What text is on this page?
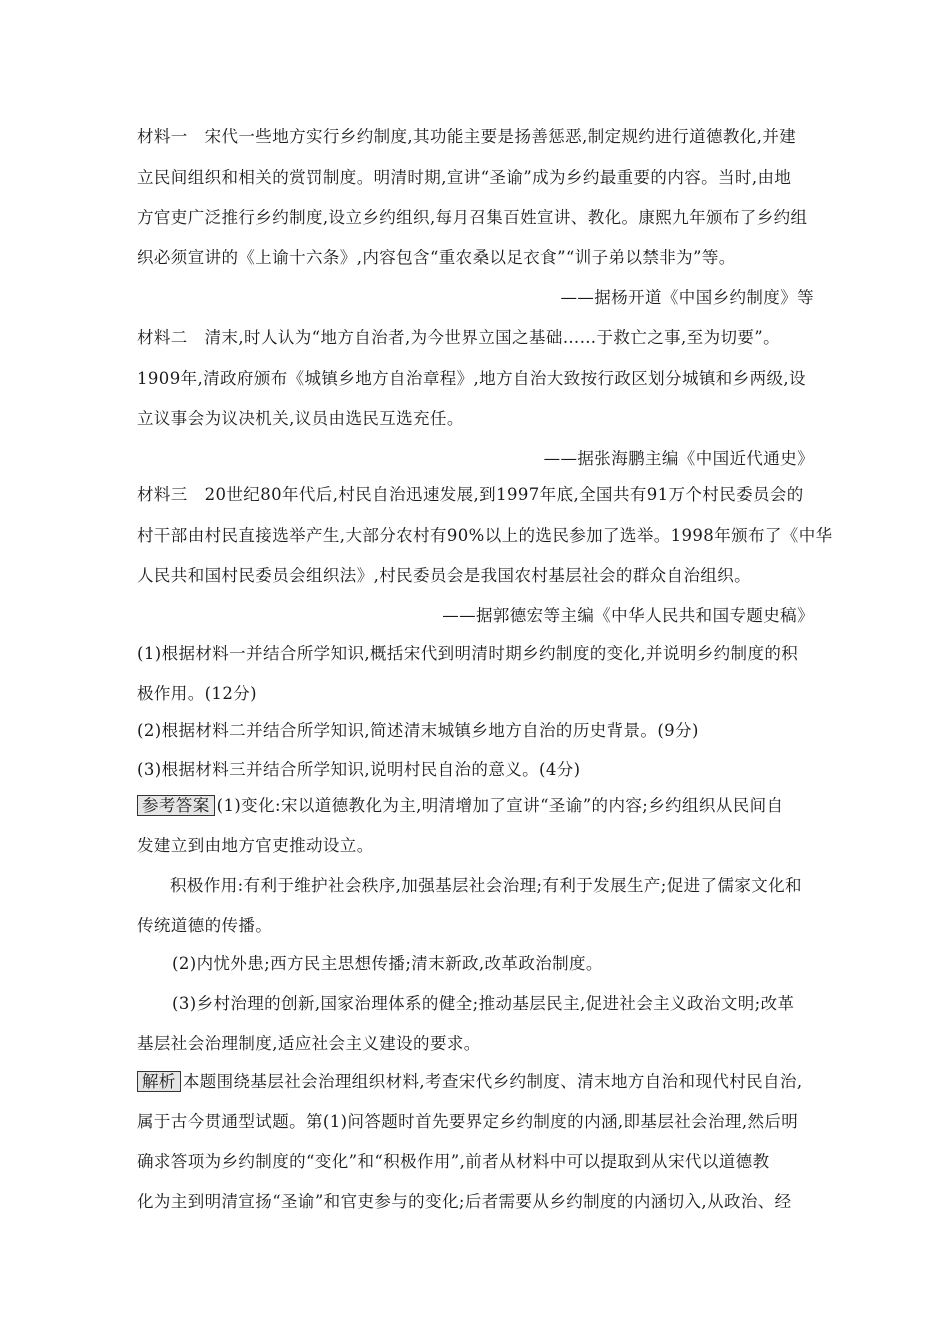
材料一　宋代一些地方实行乡约制度,其功能主要是扬善惩恶,制定规约进行道德教化,并建
立民间组织和相关的赏罚制度。明清时期,宣讲“圣谕”成为乡约最重要的内容。当时,由地
方官吏广泛推行乡约制度,设立乡约组织,每月召集百姓宣讲、教化。康熙九年颁布了乡约组
织必须宣讲的《上谕十六条》,内容包含“重农桑以足衣食”“训子弟以禁非为”等。
——据杨开道《中国乡约制度》等
材料二　清末,时人认为“地方自治者,为今世界立国之基础……于救亡之事,至为切要”。
1909年,清政府颁布《城镇乡地方自治章程》,地方自治大致按行政区划分城镇和乡两级,设
立议事会为议决机关,议员由选民互选充任。
——据张海鹏主编《中国近代通史》
材料三　20世纪80年代后,村民自治迅速发展,到1997年底,全国共有91万个村民委员会的
村干部由村民直接选举产生,大部分农村有90%以上的选民参加了选举。1998年颁布了《中华
人民共和国村民委员会组织法》,村民委员会是我国农村基层社会的群众自治组织。
——据郭德宏等主编《中华人民共和国专题史稿》
(1)根据材料一并结合所学知识,概括宋代到明清时期乡约制度的变化,并说明乡约制度的积
极作用。(12分)
(2)根据材料二并结合所学知识,简述清末城镇乡地方自治的历史背景。(9分)
(3)根据材料三并结合所学知识,说明村民自治的意义。(4分)
参考答案 (1)变化:宋以道德教化为主,明清增加了宣讲“圣谕”的内容;乡约组织从民间自
发建立到由地方官吏推动设立。
积极作用:有利于维护社会秩序,加强基层社会治理;有利于发展生产;促进了儒家文化和
传统道德的传播。
(2)内忧外患;西方民主思想传播;清末新政,改革政治制度。
(3)乡村治理的创新,国家治理体系的健全;推动基层民主,促进社会主义政治文明;改革
基层社会治理制度,适应社会主义建设的要求。
解析 本题围绕基层社会治理组织材料,考查宋代乡约制度、清末地方自治和现代村民自治,
属于古今贯通型试题。第(1)问答题时首先要界定乡约制度的内涵,即基层社会治理,然后明
确求答项为乡约制度的“变化”和“积极作用”,前者从材料中可以提取到从宋代以道德教
化为主到明清宣扬“圣谕”和官吏参与的变化;后者需要从乡约制度的内涵切入,从政治、经
